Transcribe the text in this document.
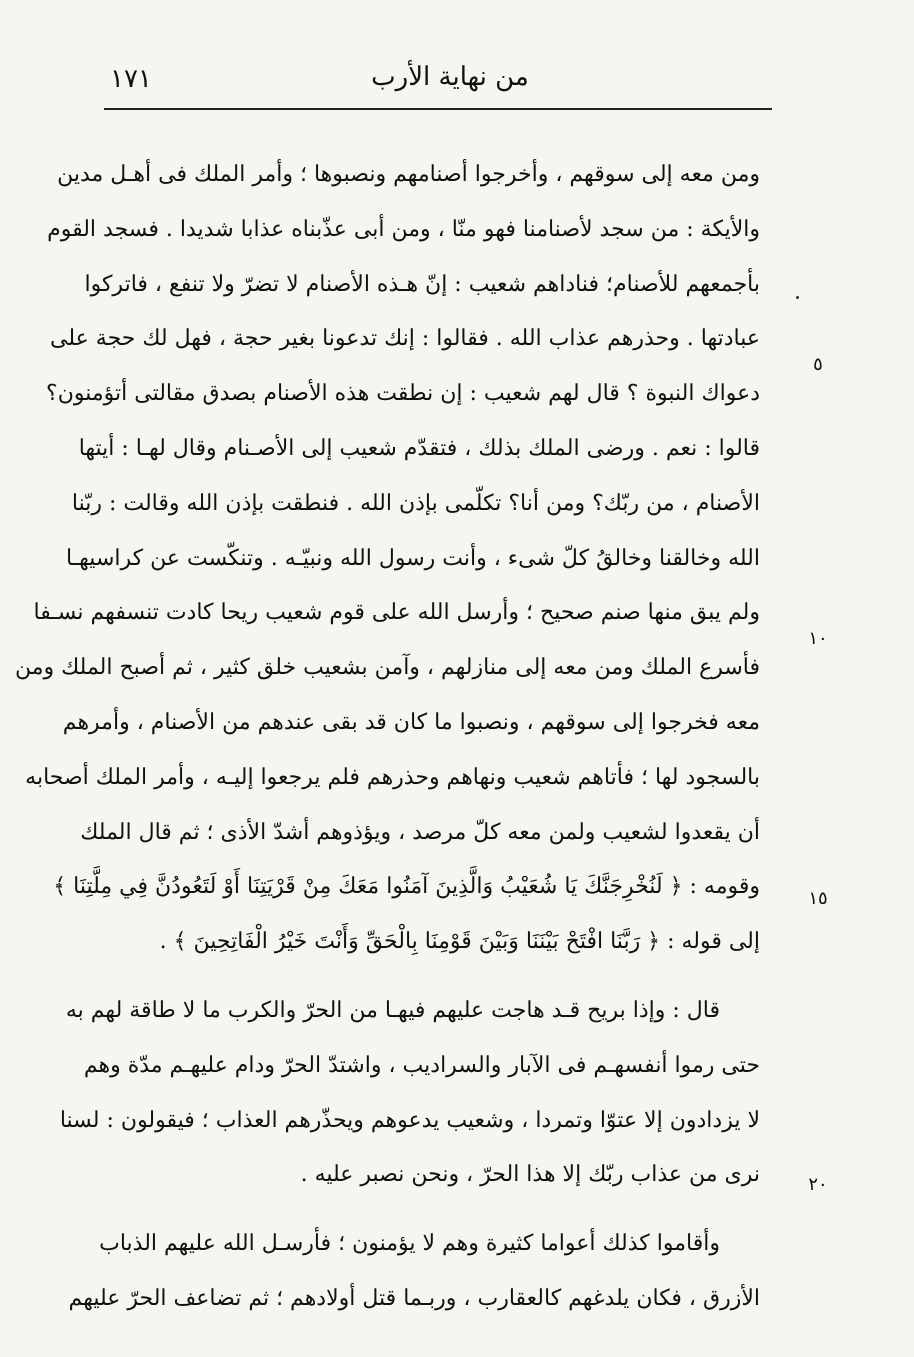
من نهاية الأرب
١٧١
٥
١٠
١٥
٢٠
ومن معه إلى سوقهم ، وأخرجوا أصنامهم ونصبوها ؛ وأمر الملك فى أهـل مدين
والأيكة : من سجد لأصنامنا فهو منّا ، ومن أبى عذّبناه عذابا شديدا . فسجد القوم
بأجمعهم للأصنام؛ فناداهم شعيب : إنّ هـذه الأصنام لا تضرّ ولا تنفع ، فاتركوا
عبادتها . وحذرهم عذاب الله . فقالوا : إنك تدعونا بغير حجة ، فهل لك حجة على
دعواك النبوة ؟ قال لهم شعيب : إن نطقت هذه الأصنام بصدق مقالتى أتؤمنون؟
قالوا : نعم . ورضى الملك بذلك ، فتقدّم شعيب إلى الأصـنام وقال لهـا : أيتها
الأصنام ، من ربّك؟ ومن أنا؟ تكلّمى بإذن الله . فنطقت بإذن الله وقالت : ربّنا
الله وخالقنا وخالقُ كلّ شىء ، وأنت رسول الله ونبيّـه . وتنكّست عن كراسيهـا
ولم يبق منها صنم صحيح ؛ وأرسل الله على قوم شعيب ريحا كادت تنسفهم نسـفا
فأسرع الملك ومن معه إلى منازلهم ، وآمن بشعيب خلق كثير ، ثم أصبح الملك ومن
معه فخرجوا إلى سوقهم ، ونصبوا ما كان قد بقى عندهم من الأصنام ، وأمرهم
بالسجود لها ؛ فأتاهم شعيب ونهاهم وحذرهم فلم يرجعوا إليـه ، وأمر الملك أصحابه
أن يقعدوا لشعيب ولمن معه كلّ مرصد ، ويؤذوهم أشدّ الأذى ؛ ثم قال الملك
وقومه : ﴿ لَنُخْرِجَنَّكَ يَا شُعَيْبُ وَالَّذِينَ آمَنُوا مَعَكَ مِنْ قَرْيَتِنَا أَوْ لَتَعُودُنَّ فِي مِلَّتِنَا ﴾
إلى قوله : ﴿ رَبَّنَا افْتَحْ بَيْنَنَا وَبَيْنَ قَوْمِنَا بِالْحَقِّ وَأَنْتَ خَيْرُ الْفَاتِحِينَ ﴾ .
قال : وإذا بريح قـد هاجت عليهم فيهـا من الحرّ والكرب ما لا طاقة لهم به
حتى رموا أنفسهـم فى الآبار والسراديب ، واشتدّ الحرّ ودام عليهـم مدّة وهم
لا يزدادون إلا عتوّا وتمردا ، وشعيب يدعوهم ويحذّرهم العذاب ؛ فيقولون : لسنا
نرى من عذاب ربّك إلا هذا الحرّ ، ونحن نصبر عليه .
وأقاموا كذلك أعواما كثيرة وهم لا يؤمنون ؛ فأرسـل الله عليهم الذباب
الأزرق ، فكان يلدغهم كالعقارب ، وربـما قتل أولادهم ؛ ثم تضاعف الحرّ عليهم
